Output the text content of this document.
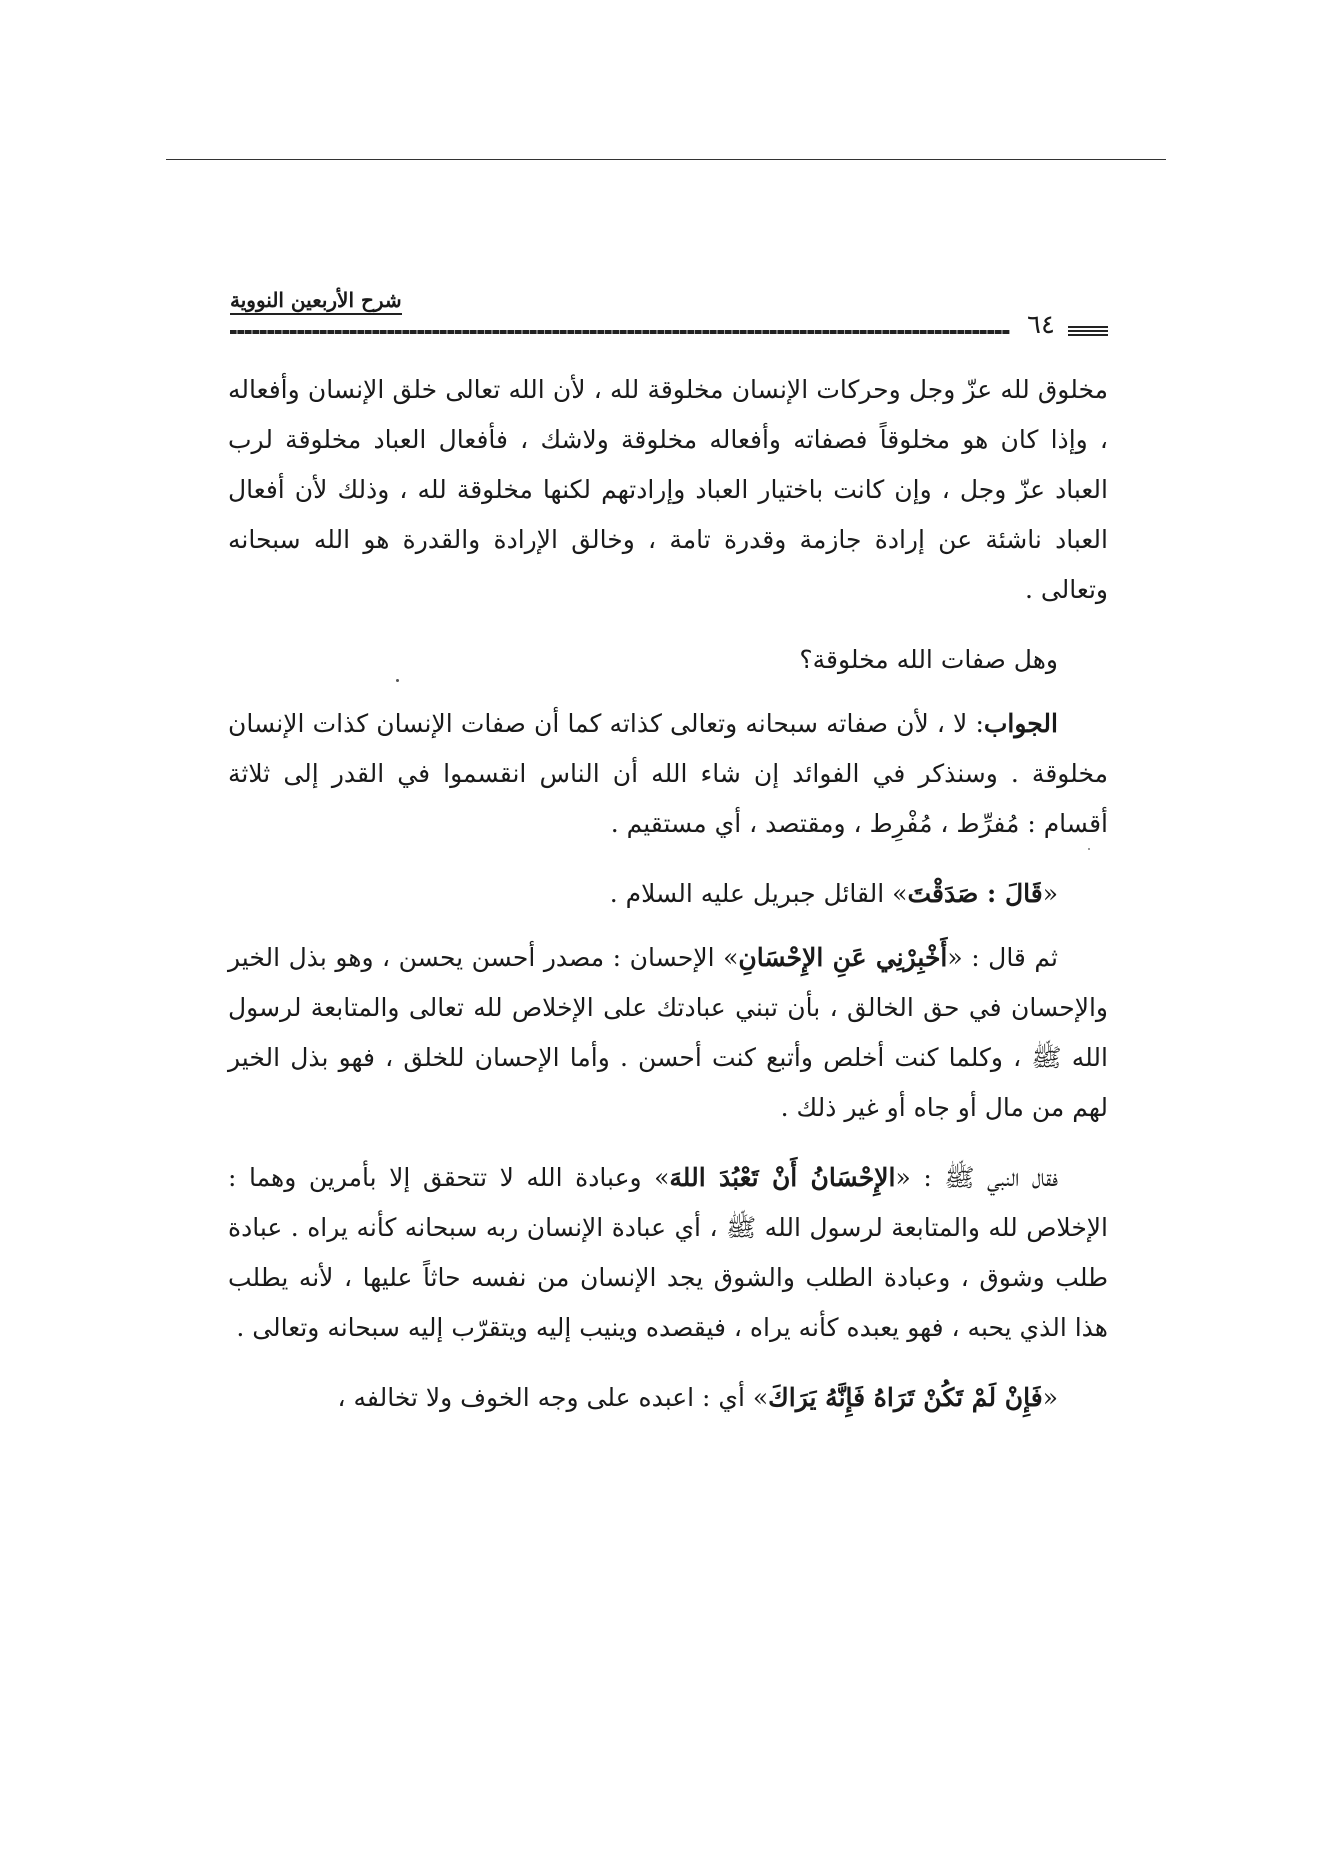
شرح الأربعين النووية
٦٤

مخلوق لله عزّ وجل وحركات الإنسان مخلوقة لله ، لأن الله تعالى خلق الإنسان وأفعاله ، وإذا كان هو مخلوقاً فصفاته وأفعاله مخلوقة ولاشك ، فأفعال العباد مخلوقة لرب العباد عزّ وجل ، وإن كانت باختيار العباد وإرادتهم لكنها مخلوقة لله ، وذلك لأن أفعال العباد ناشئة عن إرادة جازمة وقدرة تامة ، وخالق الإرادة والقدرة هو الله سبحانه وتعالى .

وهل صفات الله مخلوقة؟

الجواب: لا ، لأن صفاته سبحانه وتعالى كذاته كما أن صفات الإنسان كذات الإنسان مخلوقة . وسنذكر في الفوائد إن شاء الله أن الناس انقسموا في القدر إلى ثلاثة أقسام : مُفرِّط ، مُفْرِط ، ومقتصد ، أي مستقيم .

«قَالَ : صَدَقْتَ» القائل جبريل عليه السلام .

ثم قال : «أَخْبِرْنِي عَنِ الإِحْسَانِ» الإحسان : مصدر أحسن يحسن ، وهو بذل الخير والإحسان في حق الخالق ، بأن تبني عبادتك على الإخلاص لله تعالى والمتابعة لرسول الله ﷺ ، وكلما كنت أخلص وأتبع كنت أحسن . وأما الإحسان للخلق ، فهو بذل الخير لهم من مال أو جاه أو غير ذلك .

فقال النبي ﷺ : «الإِحْسَانُ أَنْ تَعْبُدَ اللهَ» وعبادة الله لا تتحقق إلا بأمرين وهما : الإخلاص لله والمتابعة لرسول الله ﷺ ، أي عبادة الإنسان ربه سبحانه كأنه يراه . عبادة طلب وشوق ، وعبادة الطلب والشوق يجد الإنسان من نفسه حاثاً عليها ، لأنه يطلب هذا الذي يحبه ، فهو يعبده كأنه يراه ، فيقصده وينيب إليه ويتقرّب إليه سبحانه وتعالى .

«فَإِنْ لَمْ تَكُنْ تَرَاهُ فَإِنَّهُ يَرَاكَ» أي : اعبده على وجه الخوف ولا تخالفه ،
